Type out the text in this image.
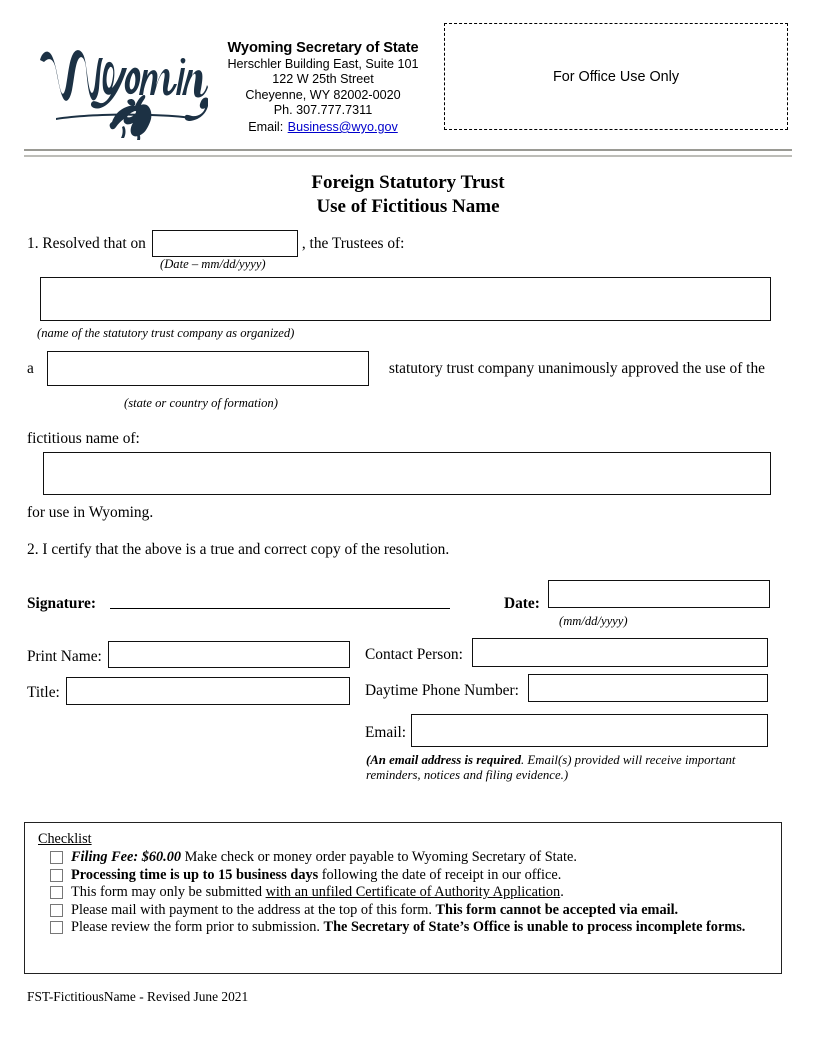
Wyoming Secretary of State
Herschler Building East, Suite 101
122 W 25th Street
Cheyenne, WY 82002-0020
Ph. 307.777.7311
Email: Business@wyo.gov
For Office Use Only
Foreign Statutory Trust
Use of Fictitious Name
1. Resolved that on	, the Trustees of:
(Date – mm/dd/yyyy)
(name of the statutory trust company as organized)
a	statutory trust company unanimously approved the use of the
(state or country of formation)
fictitious name of:
for use in Wyoming.
2. I certify that the above is a true and correct copy of the resolution.
Signature:	Date:
(mm/dd/yyyy)
Print Name:	Contact Person:
Title:	Daytime Phone Number:
Email:
(An email address is required. Email(s) provided will receive important reminders, notices and filing evidence.)
Checklist
Filing Fee: $60.00 Make check or money order payable to Wyoming Secretary of State.
Processing time is up to 15 business days following the date of receipt in our office.
This form may only be submitted with an unfiled Certificate of Authority Application.
Please mail with payment to the address at the top of this form. This form cannot be accepted via email.
Please review the form prior to submission. The Secretary of State’s Office is unable to process incomplete forms.
FST-FictitiousName - Revised June 2021
